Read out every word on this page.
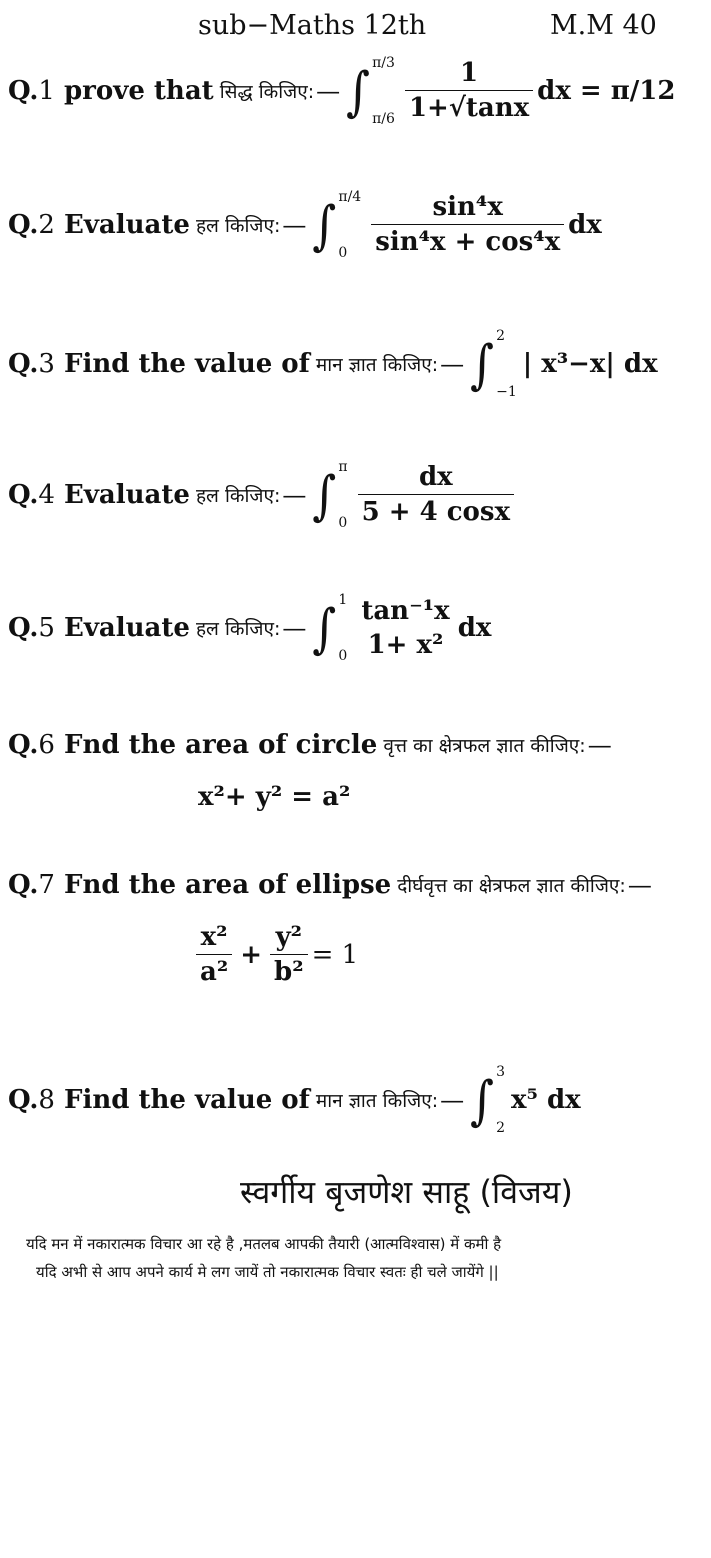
sub−Maths 12th	M.M 40
Q.1 prove that सिद्ध किजिए: — ∫ π/3
$\pi/6 \frac{1}{1+√\tan x}$ dx = π/12
Q.2 Evaluate हल किजिए: — ∫ π/4
$0 \frac{\text{sin⁴x}}{\text{sin⁴x + cos⁴x}}$ dx
Q.3 Find the value of मान ज्ञात किजिए: — ∫ 2
−1
| x³−x| dx
Q.4 Evaluate हल किजिए: — ∫ π
$0 \frac{dx}{5 + 4 \cos x}$
Q.5 Evaluate हल किजिए: — ∫ 1
0
tan⁻¹x
1+ x²
dx
Q.6 Fnd the area of circle वृत्त का क्षेत्रफल ज्ञात कीजिए: —
x²+ y² = a²
Q.7 Fnd the area of ellipse दीर्घवृत्त का क्षेत्रफल ज्ञात कीजिए: —
$\frac{\text{x²}}{\text{a²}} + \frac{\text{y²}}{\text{b²}} = 1$
Q.8 Find the value of मान ज्ञात किजिए: — ∫ 3
2
x⁵ dx
स्वर्गीय बृजणेश साहू (विजय)
यदि मन में नकारात्मक विचार आ रहे है ,मतलब आपकी तैयारी (आत्मविश्वास) में कमी है
यदि अभी से आप अपने कार्य मे लग जायें तो नकारात्मक विचार स्वतः ही चले जायेंगे ||
